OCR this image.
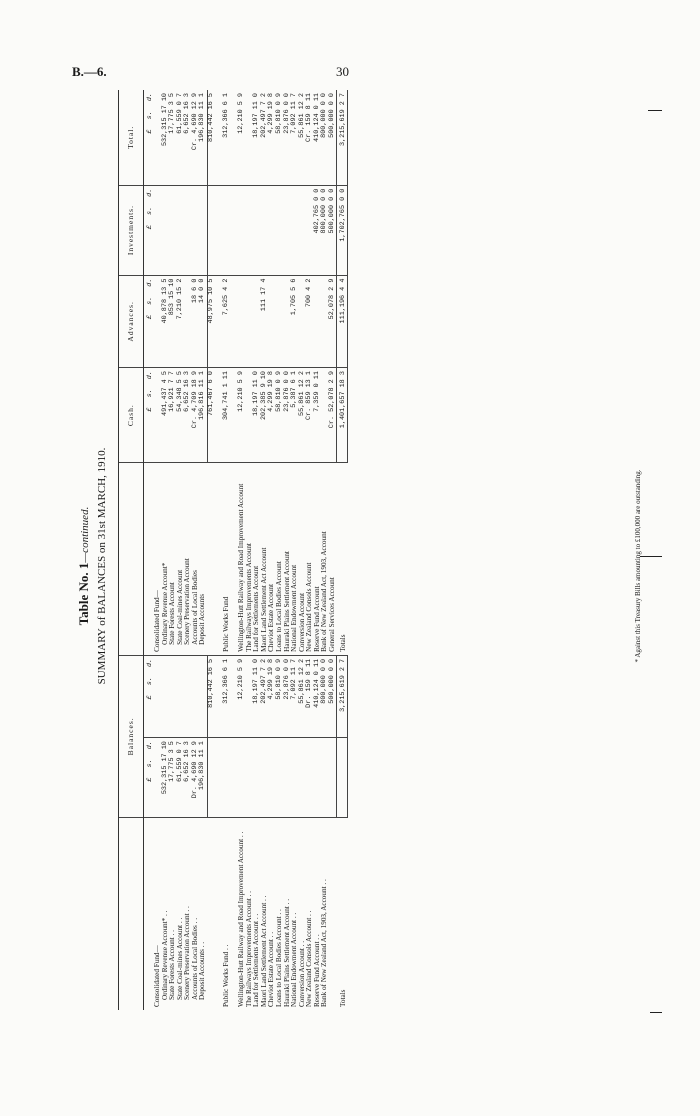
B.—6.	30
Table No. 1—continued. SUMMARY of BALANCES on 31st MARCH, 1910.
	Balances.			Cash.	Advances.	Investments.	Total.
	£s.d.	£s.d.		£s.d.	£s.d.	£s.d.	£s.d.
Consolidated Fund—			Consolidated Fund—				
Ordinary Revenue Account* . .	532,315 17 10		Ordinary Revenue Account*	491,437 4 5	40,878 13 5		532,315 17 10
State Forests Account . .	17,775 3 5		State Forests Account	16,921 7 7	853 15 10		17,775 3 5
State Coal-mines Account . .	61,559 0 7		State Coal-mines Account	54,348 5 5	7,210 15 2		61,559 0 7
Scenery Preservation Account . .	6,652 16 3		Scenery Preservation Account	6,652 16 3			6,652 16 3
Accounts of Local Bodies . .	Dr. 4,690 12 9		Accounts of Local Bodies	Cr. 4,709 18 9	18 6 0		Cr. 4,690 12 9
Deposit Accounts . .	196,830 11 1		Deposit Accounts	196,816 11 1	14 0 0		196,830 11 1
		810,442 16 5		761,467 6 0	48,975 10 5		810,442 16 5

Public Works Fund . .		312,366 6 1	Public Works Fund	304,741 1 11	7,625 4 2		312,366 6 1

Wellington-Hutt Railway and Road Improvement Account . .		12,210 5 9	Wellington-Hutt Railway and Road Improvement Account	12,210 5 9			12,210 5 9
The Railways Improvements Account . .			The Railways Improvements Account				
Land for Settlements Account . .		18,197 11 0	Land for Settlements Account	18,197 11 0			18,197 11 0
Maori Land Settlement Act Account . .		202,497 7 2	Maori Land Settlement Act Account	202,385 9 10	111 17 4		202,497 7 2
Cheviot Estate Account . .		4,299 19 8	Cheviot Estate Account	4,299 19 8			4,299 19 8
Loans to Local Bodies Account . .		58,810 0 9	Loans to Local Bodies Account	58,810 0 9			58,810 0 9
Hauraki Plains Settlement Account . .		23,876 0 0	Hauraki Plains Settlement Account	23,876 0 0			23,876 0 0
National Endowment Account . .		7,092 11 7	National Endowment Account	5,387 6 1	1,705 5 6		7,092 11 7
Conversion Account . .		55,861 12 2	Conversion Account	55,861 12 2			55,861 12 2
New Zealand Consols Account . .		Dr. 159 8 11	New Zealand Consols Account	Cr. 859 13 1	700 4 2		Cr. 159 8 11
Reserve Fund Account . .		410,124 0 11	Reserve Fund Account	7,359 0 11		402,765 0 0	410,124 0 11
Bank of New Zealand Act, 1903, Account . .		800,000 0 0	Bank of New Zealand Act, 1903, Account			800,000 0 0	800,000 0 0
		500,000 0 0	General Services Account	Cr. 52,078 2 9	52,078 2 9	500,000 0 0	500,000 0 0
Totals		3,215,619 2 7	Totals	1,401,657 18 3	111,196 4 4	1,702,765 0 0	3,215,619 2 7
* Against this Treasury Bills amounting to £100,000 are outstanding.
